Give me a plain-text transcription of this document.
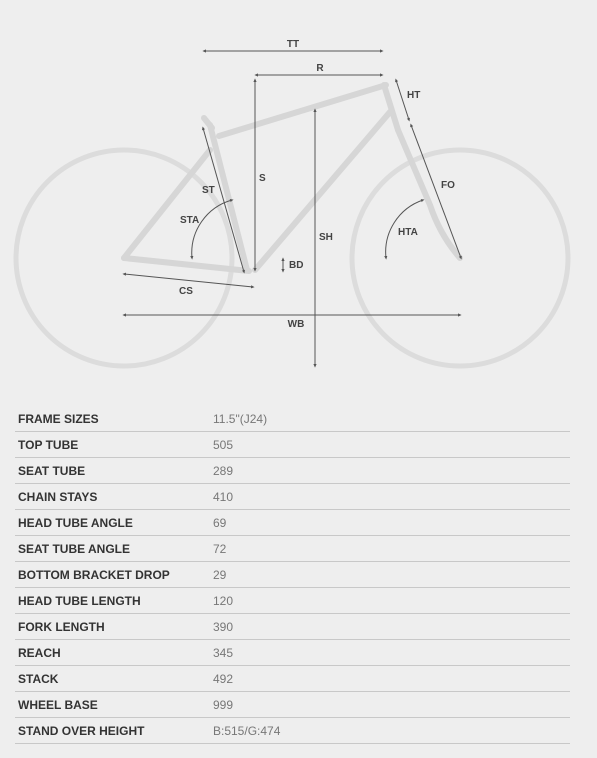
TT
R
HT
S
ST
STA
SH
FO
HTA
BD
CS
WB
FRAME SIZES	11.5"(J24)
TOP TUBE	505
SEAT TUBE	289
CHAIN STAYS	410
HEAD TUBE ANGLE	69
SEAT TUBE ANGLE	72
BOTTOM BRACKET DROP	29
HEAD TUBE LENGTH	120
FORK LENGTH	390
REACH	345
STACK	492
WHEEL BASE	999
STAND OVER HEIGHT	B:515/G:474
